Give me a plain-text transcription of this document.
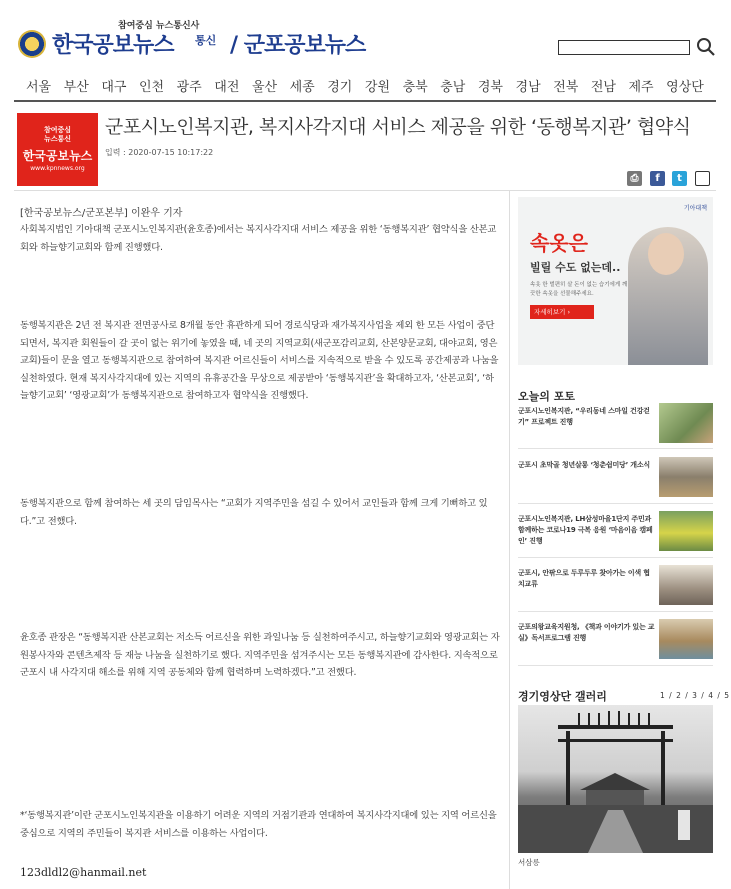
참여중심 뉴스통신사
한국공보뉴스 통신 / 군포공보뉴스
서울 부산 대구 인천 광주 대전 울산 세종 경기 강원 충북 충남 경북 경남 전북 전남 제주 영상단
참여중심
뉴스통신
한국공보뉴스
www.kpnnews.org
군포시노인복지관, 복지사각지대 서비스 제공을 위한 ‘동행복지관’ 협약식
입력 : 2020-07-15 10:17:22
⎙	f	t
[한국공보뉴스/군포본부] 이완우 기자
사회복지법인 기아대책 군포시노인복지관(윤호종)에서는 복지사각지대 서비스 제공을 위한 ‘동행복지관’ 협약식을 산본교회와 하늘향기교회와 함께 진행했다.
동행복지관은 2년 전 복지관 전면공사로 8개월 동안 휴관하게 되어 경로식당과 재가복지사업을 제외 한 모든 사업이 중단되면서, 복지관 회원들이 갈 곳이 없는 위기에 놓였을 때, 네 곳의 지역교회(새군포감리교회, 산본양문교회, 대야교회, 영은교회)들이 문을 열고 동행복지관으로 참여하여 복지관 어르신들이 서비스를 지속적으로 받을 수 있도록 공간제공과 나눔을 실천하였다. 현재 복지사각지대에 있는 지역의 유휴공간을 무상으로 제공받아 ‘동행복지관’을 확대하고자, ‘산본교회’, ‘하늘향기교회’ ‘영광교회’가 동행복지관으로 참여하고자 협약식을 진행했다.
동행복지관으로 함께 참여하는 세 곳의 담임목사는 “교회가 지역주민을 섬길 수 있어서 교인들과 함께 크게 기뻐하고 있다.”고 전했다.
윤호종 관장은 “동행복지관 산본교회는 저소득 어르신을 위한 과일나눔 등 실천하여주시고, 하늘향기교회와 영광교회는 자원봉사자와 콘텐츠제작 등 재능 나눔을 실천하기로 했다. 지역주민을 섬겨주시는 모든 동행복지관에 감사한다. 지속적으로 군포시 내 사각지대 해소를 위해 지역 공동체와 함께 협력하며 노력하겠다.”고 전했다.
*‘동행복지관’이란 군포시노인복지관을 이용하기 어려운 지역의 거점기관과 연대하여 복지사각지대에 있는 지역 어르신을 중심으로 지역의 주민들이 복지관 서비스를 이용하는 사업이다.
123dldl2@hanmail.net
기아대책
속옷은
빌릴 수도 없는데..
속옷 한 벌편히 살 돈이 없는 습기에게 깨끗한 속옷을 선물해주세요.
자세히보기 ›
오늘의 포토
군포시노인복지관, “우리동네 스마일 건강걷기” 프로젝트 진행
군포시 초막골 청년살롱 ‘청춘쉼미당’ 개소식
군포시노인복지관, LH삼성마을1단지 주민과 함께하는 코로나19 극복 응원 ‘마음이음 캠페인’ 진행
군포시, 안팎으로 두루두루 찾아가는 이색 협치교류
군포의왕교육지원청, 《책과 이야기가 있는 교실》독서프로그램 진행
경기영상단 갤러리	1 / 2 / 3 / 4 / 5
서삼릉
